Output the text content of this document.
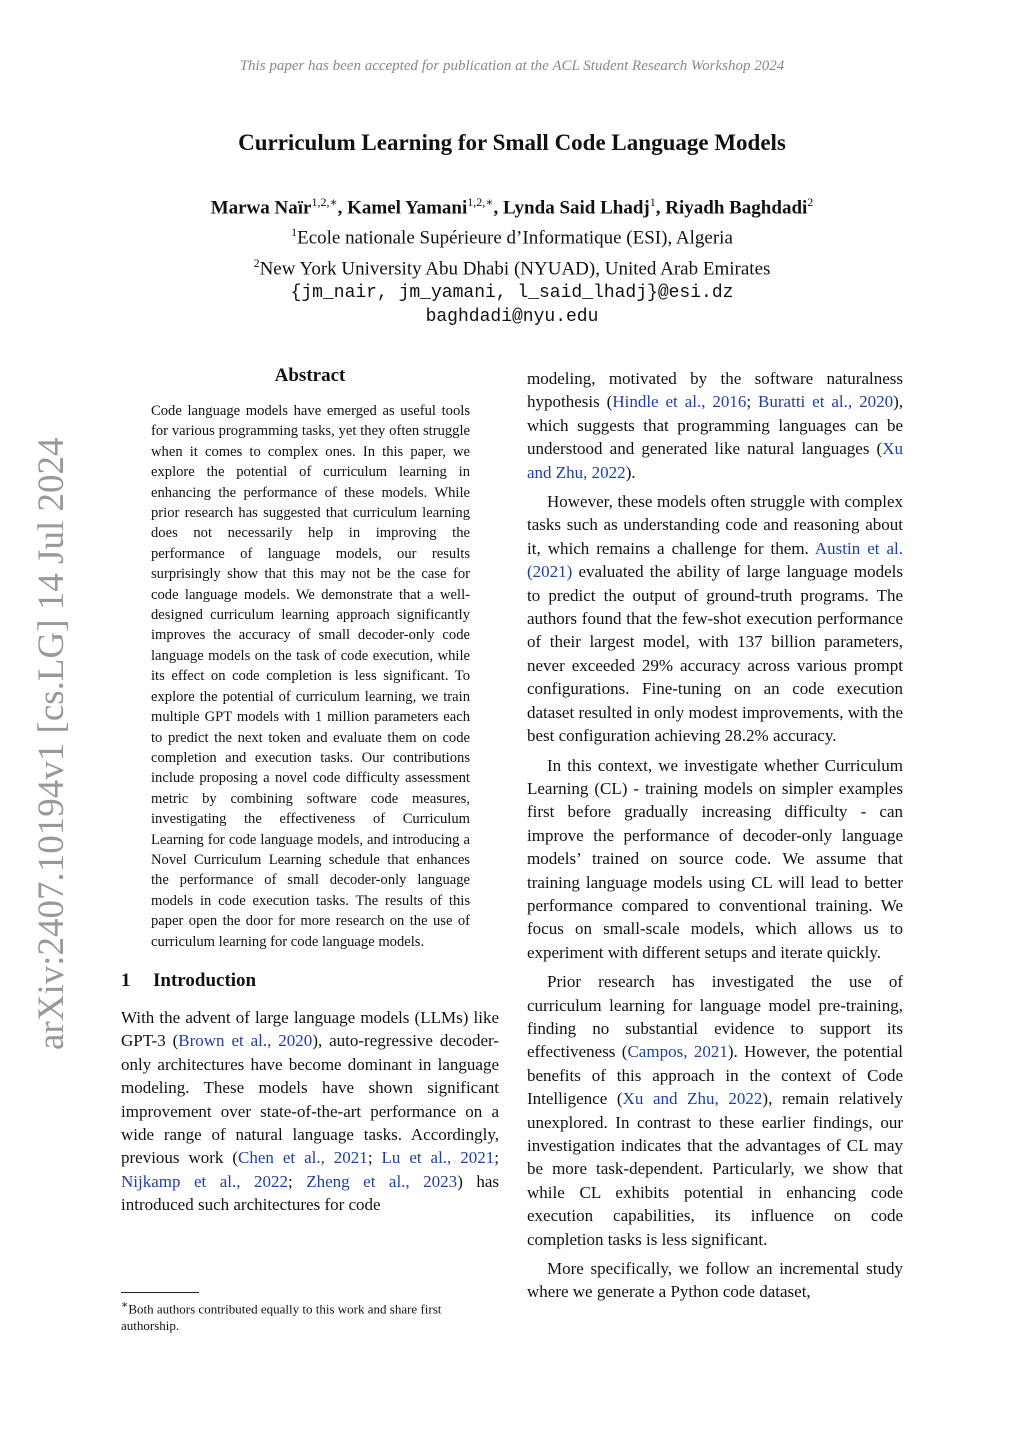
This paper has been accepted for publication at the ACL Student Research Workshop 2024
Curriculum Learning for Small Code Language Models
Marwa Naïr$^{1,2,∗}$, Kamel Yamani$^{1,2,∗}$, Lynda Said Lhadj$^1$, Riyadh Baghdadi$^2$
$^1$Ecole nationale Supérieure d’Informatique (ESI), Algeria
$^2$New York University Abu Dhabi (NYUAD), United Arab Emirates
{jm_nair, jm_yamani, l_said_lhadj}@esi.dz
baghdadi@nyu.edu
arXiv:2407.10194v1 [cs.LG] 14 Jul 2024
Abstract
Code language models have emerged as useful tools for various programming tasks, yet they often struggle when it comes to complex ones. In this paper, we explore the potential of curriculum learning in enhancing the performance of these models. While prior research has suggested that curriculum learning does not necessarily help in improving the performance of language models, our results surprisingly show that this may not be the case for code language models. We demonstrate that a well-designed curriculum learning approach significantly improves the accuracy of small decoder-only code language models on the task of code execution, while its effect on code completion is less significant. To explore the potential of curriculum learning, we train multiple GPT models with 1 million parameters each to predict the next token and evaluate them on code completion and execution tasks. Our contributions include proposing a novel code difficulty assessment metric by combining software code measures, investigating the effectiveness of Curriculum Learning for code language models, and introducing a Novel Curriculum Learning schedule that enhances the performance of small decoder-only language models in code execution tasks. The results of this paper open the door for more research on the use of curriculum learning for code language models.
1 Introduction

With the advent of large language models (LLMs) like GPT-3 (Brown et al., 2020), auto-regressive decoder-only architectures have become dominant in language modeling. These models have shown significant improvement over state-of-the-art performance on a wide range of natural language tasks. Accordingly, previous work (Chen et al., 2021; Lu et al., 2021; Nijkamp et al., 2022; Zheng et al., 2023) has introduced such architectures for code

∗Both authors contributed equally to this work and share first authorship.

modeling, motivated by the software naturalness hypothesis (Hindle et al., 2016; Buratti et al., 2020), which suggests that programming languages can be understood and generated like natural languages (Xu and Zhu, 2022).

However, these models often struggle with complex tasks such as understanding code and reasoning about it, which remains a challenge for them. Austin et al. (2021) evaluated the ability of large language models to predict the output of ground-truth programs. The authors found that the few-shot execution performance of their largest model, with 137 billion parameters, never exceeded 29% accuracy across various prompt configurations. Fine-tuning on an code execution dataset resulted in only modest improvements, with the best configuration achieving 28.2% accuracy.

In this context, we investigate whether Curriculum Learning (CL) - training models on simpler examples first before gradually increasing difficulty - can improve the performance of decoder-only language models’ trained on source code. We assume that training language models using CL will lead to better performance compared to conventional training. We focus on small-scale models, which allows us to experiment with different setups and iterate quickly.

Prior research has investigated the use of curriculum learning for language model pre-training, finding no substantial evidence to support its effectiveness (Campos, 2021). However, the potential benefits of this approach in the context of Code Intelligence (Xu and Zhu, 2022), remain relatively unexplored. In contrast to these earlier findings, our investigation indicates that the advantages of CL may be more task-dependent. Particularly, we show that while CL exhibits potential in enhancing code execution capabilities, its influence on code completion tasks is less significant.

More specifically, we follow an incremental study where we generate a Python code dataset,
